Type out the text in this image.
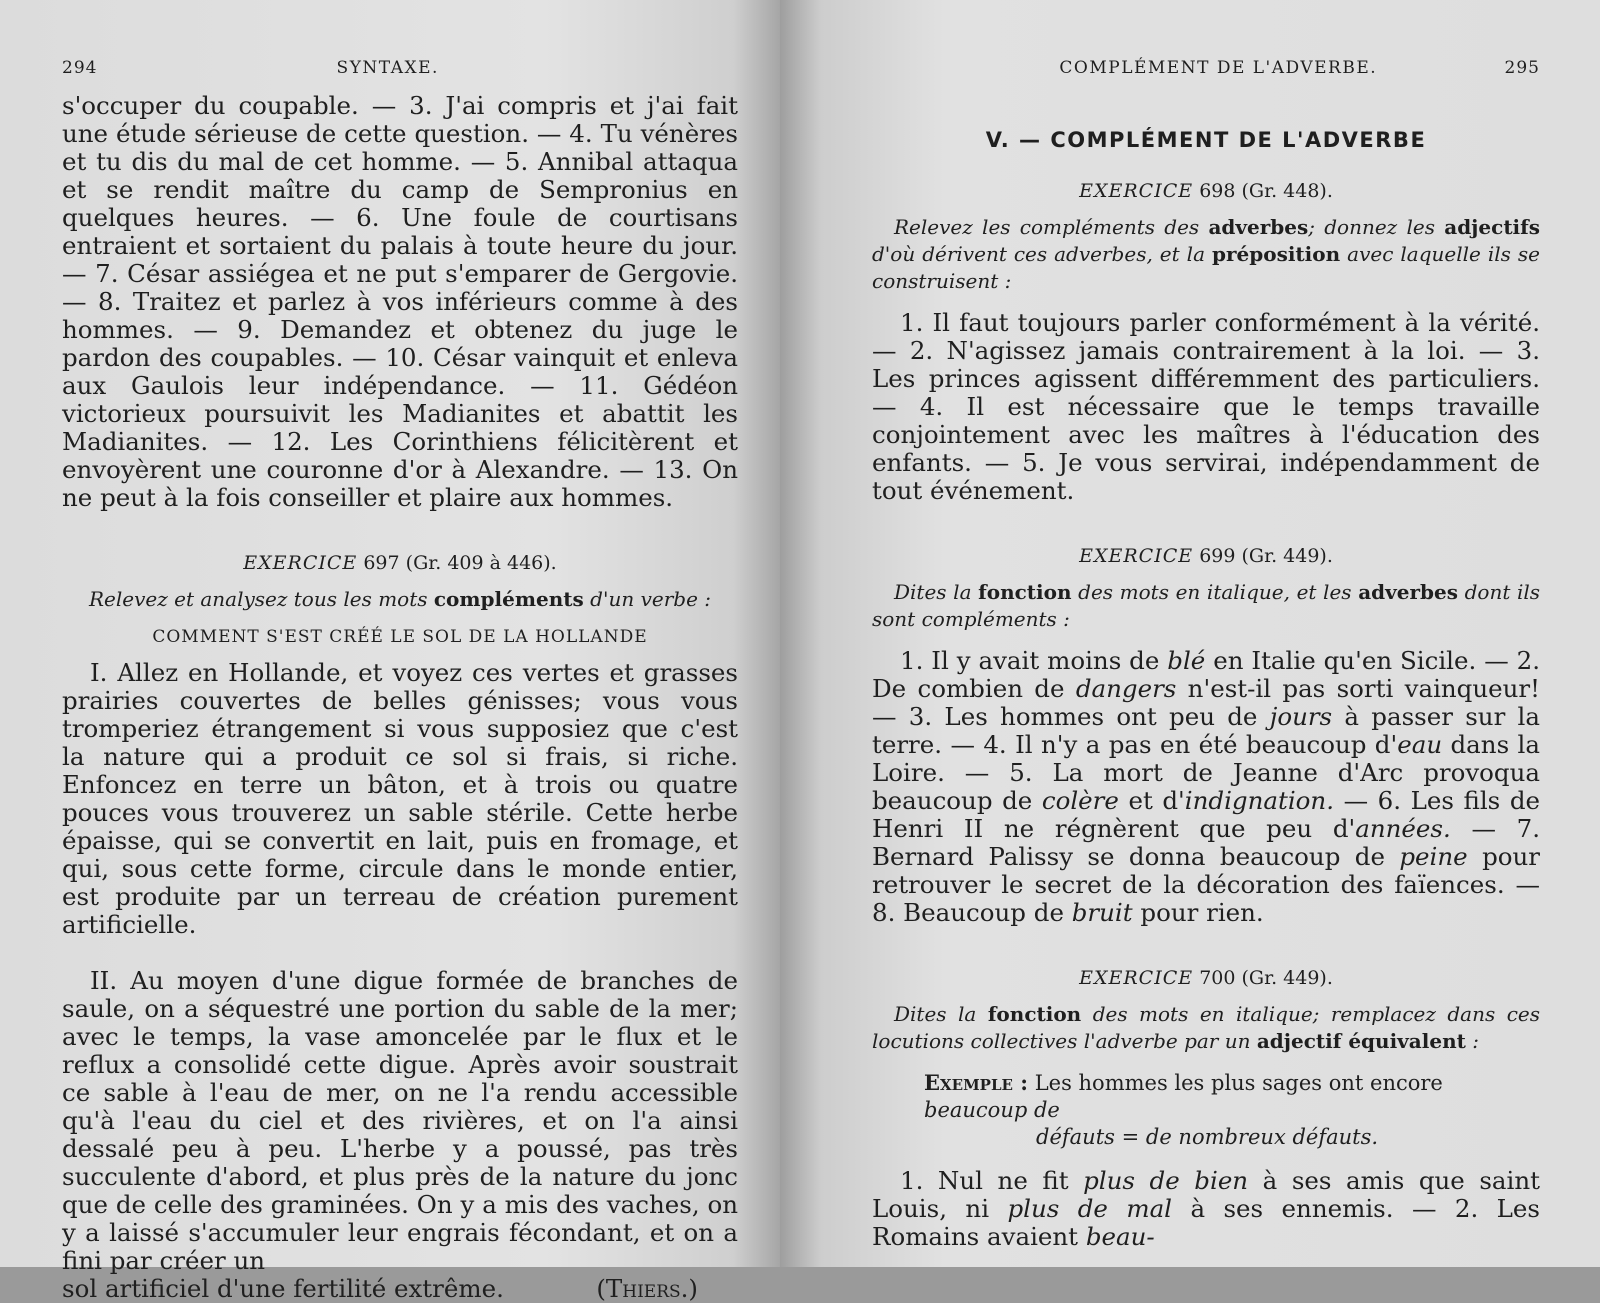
294	SYNTAXE.

s'occuper du coupable. — 3. J'ai compris et j'ai fait une étude sérieuse de cette question. — 4. Tu vénères et tu dis du mal de cet homme. — 5. Annibal attaqua et se rendit maître du camp de Sempronius en quelques heures. — 6. Une foule de courtisans entraient et sortaient du palais à toute heure du jour. — 7. César assiégea et ne put s'emparer de Gergovie. — 8. Traitez et parlez à vos inférieurs comme à des hommes. — 9. Demandez et obtenez du juge le pardon des coupables. — 10. César vainquit et enleva aux Gaulois leur indépendance. — 11. Gédéon victorieux poursuivit les Madianites et abattit les Madianites. — 12. Les Corinthiens félicitèrent et envoyèrent une couronne d'or à Alexandre. — 13. On ne peut à la fois conseiller et plaire aux hommes.

EXERCICE 697 (Gr. 409 à 446).

Relevez et analysez tous les mots compléments d'un verbe :

COMMENT S'EST CRÉÉ LE SOL DE LA HOLLANDE

I. Allez en Hollande, et voyez ces vertes et grasses prairies couvertes de belles génisses; vous vous tromperiez étrangement si vous supposiez que c'est la nature qui a produit ce sol si frais, si riche. Enfoncez en terre un bâton, et à trois ou quatre pouces vous trouverez un sable stérile. Cette herbe épaisse, qui se convertit en lait, puis en fromage, et qui, sous cette forme, circule dans le monde entier, est produite par un terreau de création purement artificielle.

II. Au moyen d'une digue formée de branches de saule, on a séquestré une portion du sable de la mer; avec le temps, la vase amoncelée par le flux et le reflux a consolidé cette digue. Après avoir soustrait ce sable à l'eau de mer, on ne l'a rendu accessible qu'à l'eau du ciel et des rivières, et on l'a ainsi dessalé peu à peu. L'herbe y a poussé, pas très succulente d'abord, et plus près de la nature du jonc que de celle des graminées. On y a mis des vaches, on y a laissé s'accumuler leur engrais fécondant, et on a fini par créer un

sol artificiel d'une fertilité extrême.	(Thiers.)
COMPLÉMENT DE L'ADVERBE.	295
V. — COMPLÉMENT DE L'ADVERBE
EXERCICE 698 (Gr. 448).

Relevez les compléments des adverbes; donnez les adjectifs d'où dérivent ces adverbes, et la préposition avec laquelle ils se construisent :

1. Il faut toujours parler conformément à la vérité. — 2. N'agissez jamais contrairement à la loi. — 3. Les princes agissent différemment des particuliers. — 4. Il est nécessaire que le temps travaille conjointement avec les maîtres à l'éducation des enfants. — 5. Je vous servirai, indépendamment de tout événement.

EXERCICE 699 (Gr. 449).

Dites la fonction des mots en italique, et les adverbes dont ils sont compléments :

1. Il y avait moins de blé en Italie qu'en Sicile. — 2. De combien de dangers n'est-il pas sorti vainqueur! — 3. Les hommes ont peu de jours à passer sur la terre. — 4. Il n'y a pas en été beaucoup d'eau dans la Loire. — 5. La mort de Jeanne d'Arc provoqua beaucoup de colère et d'indignation. — 6. Les fils de Henri II ne régnèrent que peu d'années. — 7. Bernard Palissy se donna beaucoup de peine pour retrouver le secret de la décoration des faïences. — 8. Beaucoup de bruit pour rien.

EXERCICE 700 (Gr. 449).

Dites la fonction des mots en italique; remplacez dans ces locutions collectives l'adverbe par un adjectif équivalent :

Exemple : Les hommes les plus sages ont encore beaucoup de
défauts = de nombreux défauts.

1. Nul ne fit plus de bien à ses amis que saint Louis, ni plus de mal à ses ennemis. — 2. Les Romains avaient beau-
